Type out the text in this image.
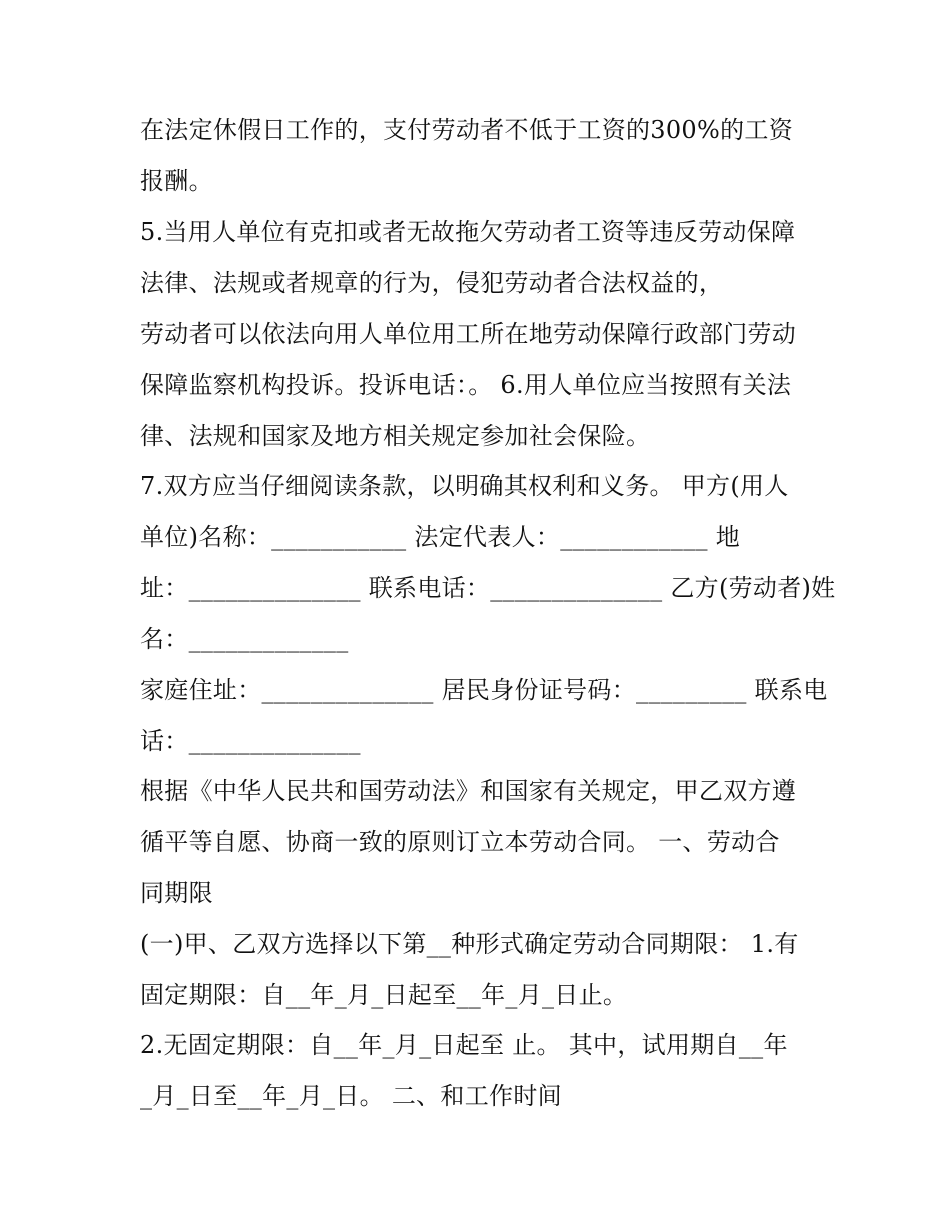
在法定休假日工作的，支付劳动者不低于工资的300%的工资
报酬。
5.当用人单位有克扣或者无故拖欠劳动者工资等违反劳动保障
法律、法规或者规章的行为，侵犯劳动者合法权益的，
劳动者可以依法向用人单位用工所在地劳动保障行政部门劳动
保障监察机构投诉。投诉电话：。 6.用人单位应当按照有关法
律、法规和国家及地方相关规定参加社会保险。
7.双方应当仔细阅读条款，以明确其权利和义务。 甲方(用人
单位)名称：___________ 法定代表人：____________ 地
址：______________ 联系电话：______________ 乙方(劳动者)姓
名：_____________
家庭住址：______________ 居民身份证号码：_________ 联系电
话：______________
根据《中华人民共和国劳动法》和国家有关规定，甲乙双方遵
循平等自愿、协商一致的原则订立本劳动合同。 一、劳动合
同期限
(一)甲、乙双方选择以下第__种形式确定劳动合同期限： 1.有
固定期限：自__年_月_日起至__年_月_日止。
2.无固定期限：自__年_月_日起至 止。 其中，试用期自__年
_月_日至__年_月_日。 二、和工作时间
